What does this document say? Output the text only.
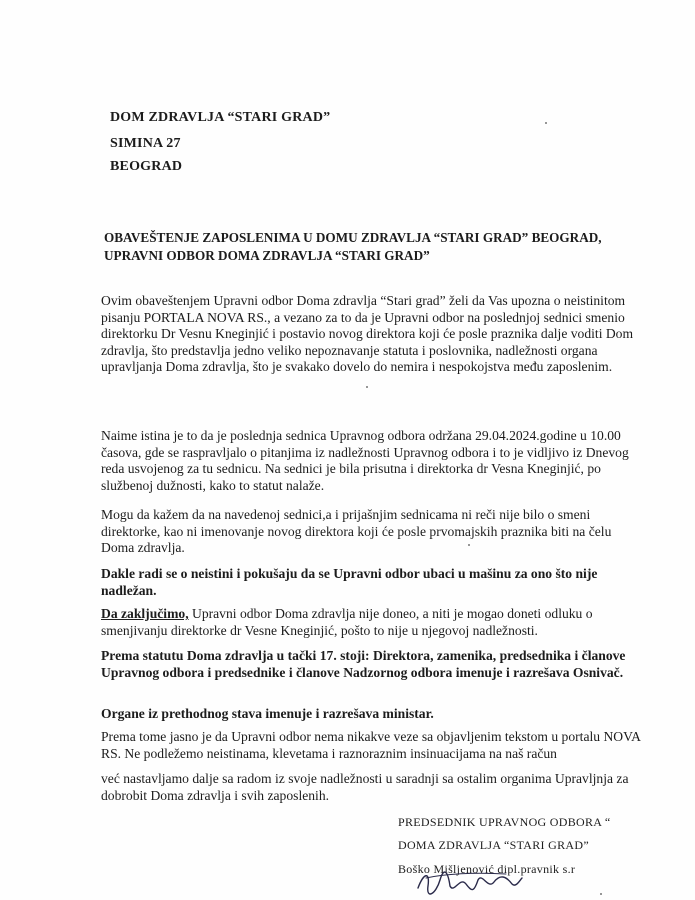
DOM ZDRAVLJA “STARI GRAD”
SIMINA 27
BEOGRAD
OBAVEŠTENJE ZAPOSLENIMA U DOMU ZDRAVLJA “STARI GRAD” BEOGRAD,
UPRAVNI ODBOR DOMA ZDRAVLJA “STARI GRAD”
Ovim obaveštenjem Upravni odbor Doma zdravlja “Stari grad” želi da Vas upozna o neistinitom pisanju PORTALA NOVA RS., a vezano za to da je Upravni odbor na poslednjoj sednici smenio direktorku Dr Vesnu Kneginjić i postavio novog direktora koji će posle praznika dalje voditi Dom zdravlja, što predstavlja jedno veliko nepoznavanje statuta i poslovnika, nadležnosti organa upravljanja Doma zdravlja, što je svakako dovelo do nemira i nespokojstva među zaposlenim.
Naime istina je to da je poslednja sednica Upravnog odbora održana 29.04.2024.godine u 10.00 časova, gde se raspravljalo o pitanjima iz nadležnosti Upravnog odbora i to je vidljivo iz Dnevog reda usvojenog za tu sednicu. Na sednici je bila prisutna i direktorka dr Vesna Kneginjić, po službenoj dužnosti, kako to statut nalaže.
Mogu da kažem da na navedenoj sednici,a i prijašnjim sednicama ni reči nije bilo o smeni direktorke, kao ni imenovanje novog direktora koji će posle prvomajskih praznika biti na čelu Doma zdravlja.
Dakle radi se o neistini i pokušaju da se Upravni odbor ubaci u mašinu za ono što nije nadležan.
Da zaključimo, Upravni odbor Doma zdravlja nije doneo, a niti je mogao doneti odluku o smenjivanju direktorke dr Vesne Kneginjić, pošto to nije u njegovoj nadležnosti.
Prema statutu Doma zdravlja u tački 17. stoji: Direktora, zamenika, predsednika i članove Upravnog odbora i predsednike i članove Nadzornog odbora imenuje i razrešava Osnivač.
Organe iz prethodnog stava imenuje i razrešava ministar.
Prema tome jasno je da Upravni odbor nema nikakve veze sa objavljenim tekstom u portalu NOVA RS. Ne podležemo neistinama, klevetama i raznoraznim insinuacijama na naš račun
već nastavljamo dalje sa radom iz svoje nadležnosti u saradnji sa ostalim organima Upravljnja za dobrobit Doma zdravlja i svih zaposlenih.
PREDSEDNIK UPRAVNOG ODBORA “
DOMA ZDRAVLJA “STARI GRAD”
Boško Mišljenović dipl.pravnik s.r
